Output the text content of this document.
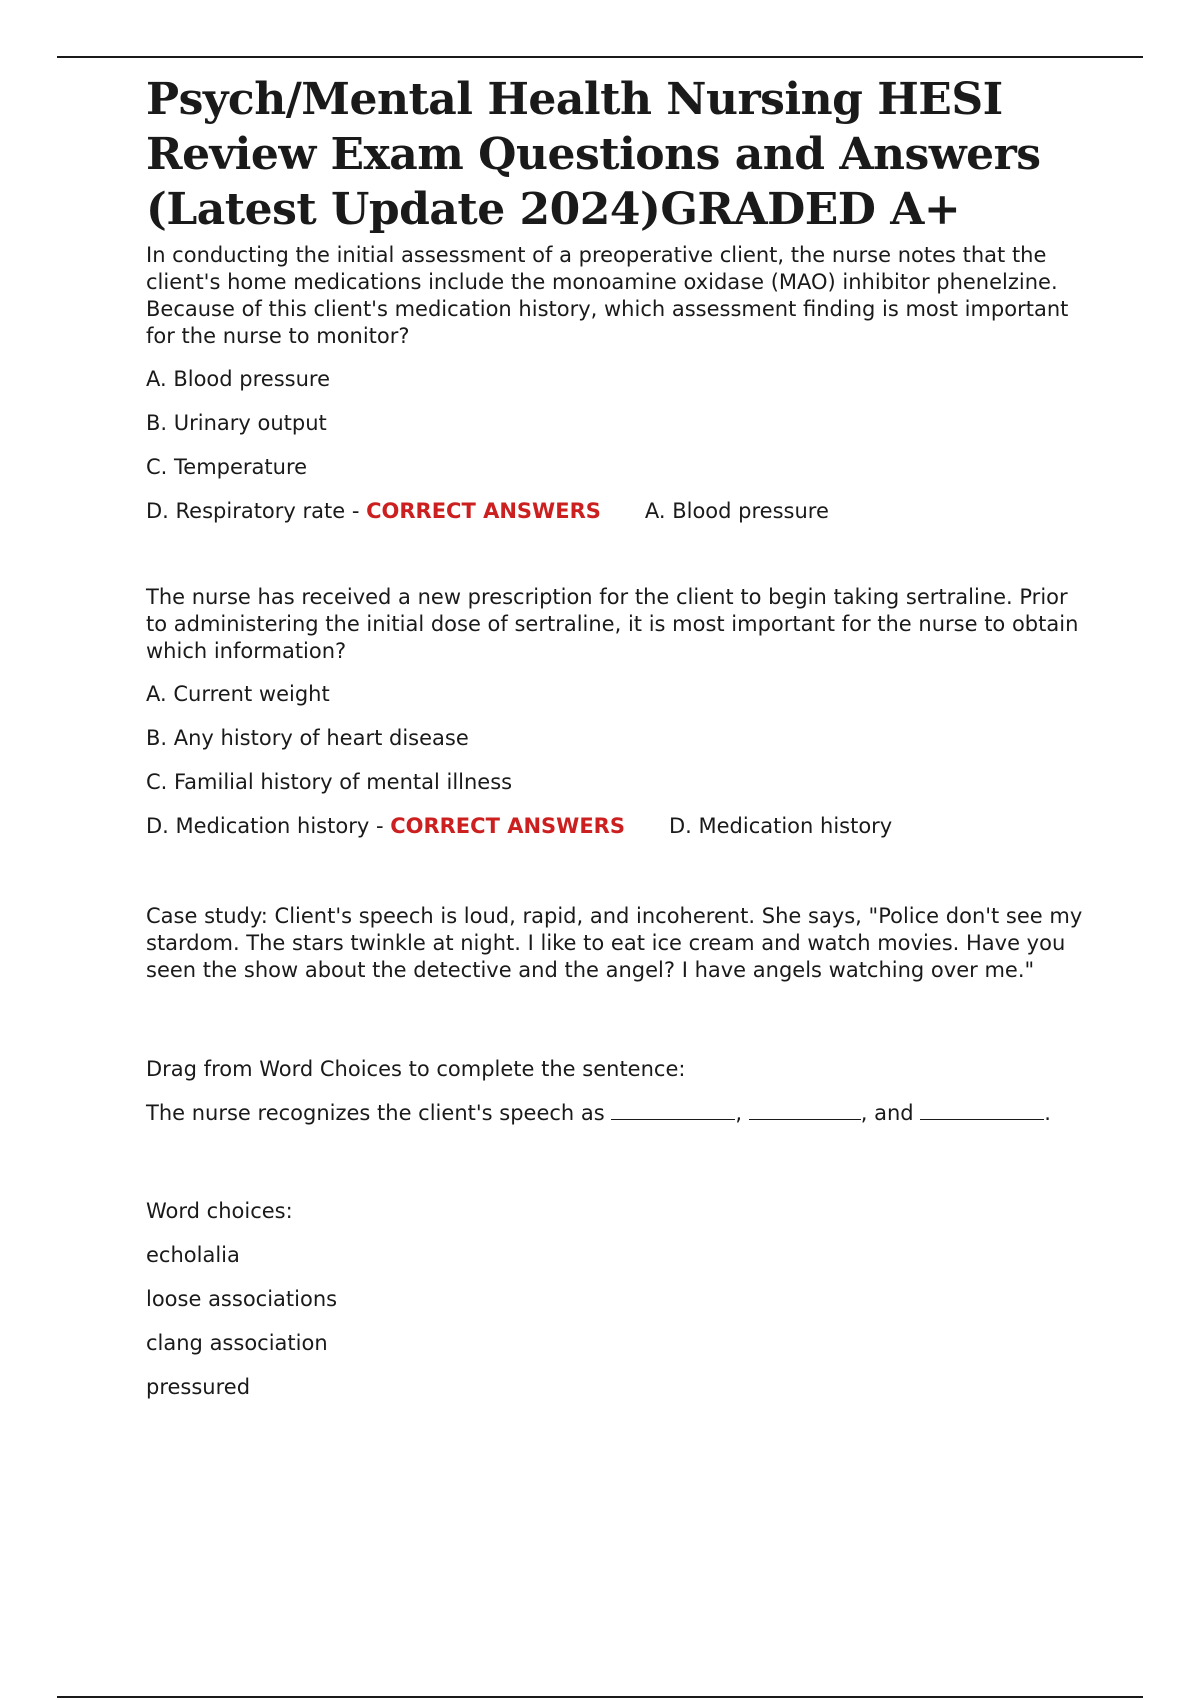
Psych/Mental Health Nursing HESI Review Exam Questions and Answers (Latest Update 2024)GRADED A+

In conducting the initial assessment of a preoperative client, the nurse notes that the client's home medications include the monoamine oxidase (MAO) inhibitor phenelzine. Because of this client's medication history, which assessment finding is most important for the nurse to monitor?

A. Blood pressure

B. Urinary output

C. Temperature

D. Respiratory rate - CORRECT ANSWERS A. Blood pressure

The nurse has received a new prescription for the client to begin taking sertraline. Prior to administering the initial dose of sertraline, it is most important for the nurse to obtain which information?

A. Current weight

B. Any history of heart disease

C. Familial history of mental illness

D. Medication history - CORRECT ANSWERS D. Medication history

Case study: Client's speech is loud, rapid, and incoherent. She says, "Police don't see my stardom. The stars twinkle at night. I like to eat ice cream and watch movies. Have you seen the show about the detective and the angel? I have angels watching over me."

Drag from Word Choices to complete the sentence:

The nurse recognizes the client's speech as	,	, and	.

Word choices:

echolalia

loose associations

clang association

pressured
